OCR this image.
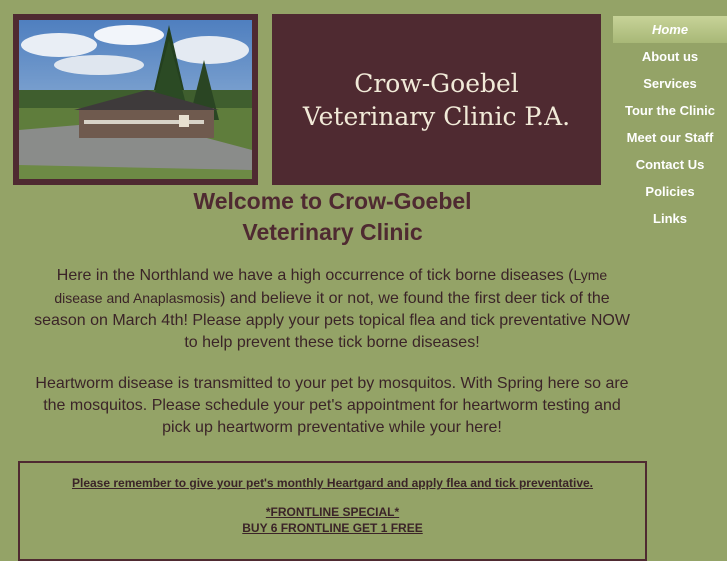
Crow-Goebel
Veterinary Clinic P.A.
Home
About us
Services
Tour the Clinic
Meet our Staff
Contact Us
Policies
Links
Welcome to Crow-Goebel
Veterinary Clinic
Here in the Northland we have a high occurrence of tick borne diseases (Lyme disease and Anaplasmosis) and believe it or not, we found the first deer tick of the season on March 4th! Please apply your pets topical flea and tick preventative NOW to help prevent these tick borne diseases!
Heartworm disease is transmitted to your pet by mosquitos. With Spring here so are the mosquitos. Please schedule your pet's appointment for heartworm testing and pick up heartworm preventative while your here!
Please remember to give your pet's monthly Heartgard and apply flea and tick preventative.
*FRONTLINE SPECIAL*
BUY 6 FRONTLINE GET 1 FREE
